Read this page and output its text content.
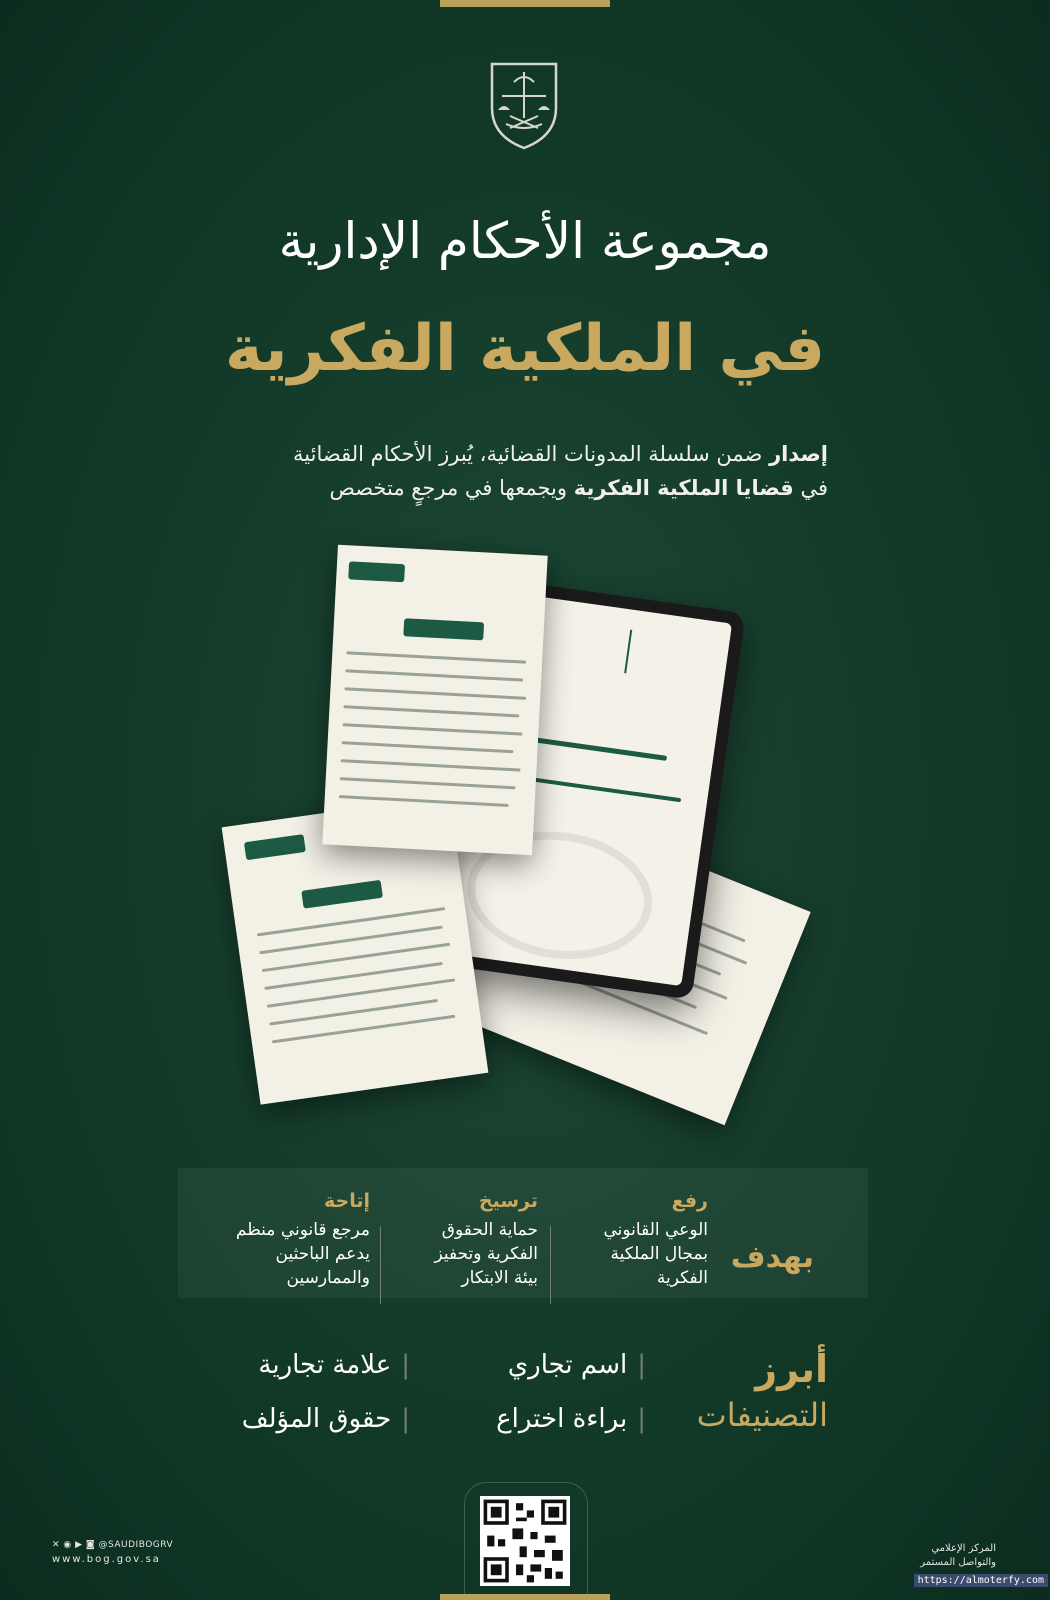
مجموعة الأحكام الإدارية
في الملكية الفكرية
إصدار ضمن سلسلة المدونات القضائية، يُبرز الأحكام القضائية
في قضايا الملكية الفكرية ويجمعها في مرجعٍ متخصص
بهدف
رفع
الوعي القانوني
بمجال الملكية
الفكرية
ترسيخ
حماية الحقوق
الفكرية وتحفيز
بيئة الابتكار
إتاحة
مرجع قانوني منظم
يدعم الباحثين
والممارسين
أبرز
التصنيفات
| اسم تجاري
| علامة تجارية
| براءة اختراع
| حقوق المؤلف
✕ ◉ ▶ ◙ @SAUDIBOGRV
www.bog.gov.sa
المركز الإعلامي
والتواصل المستمر
https://almoterfy.com
